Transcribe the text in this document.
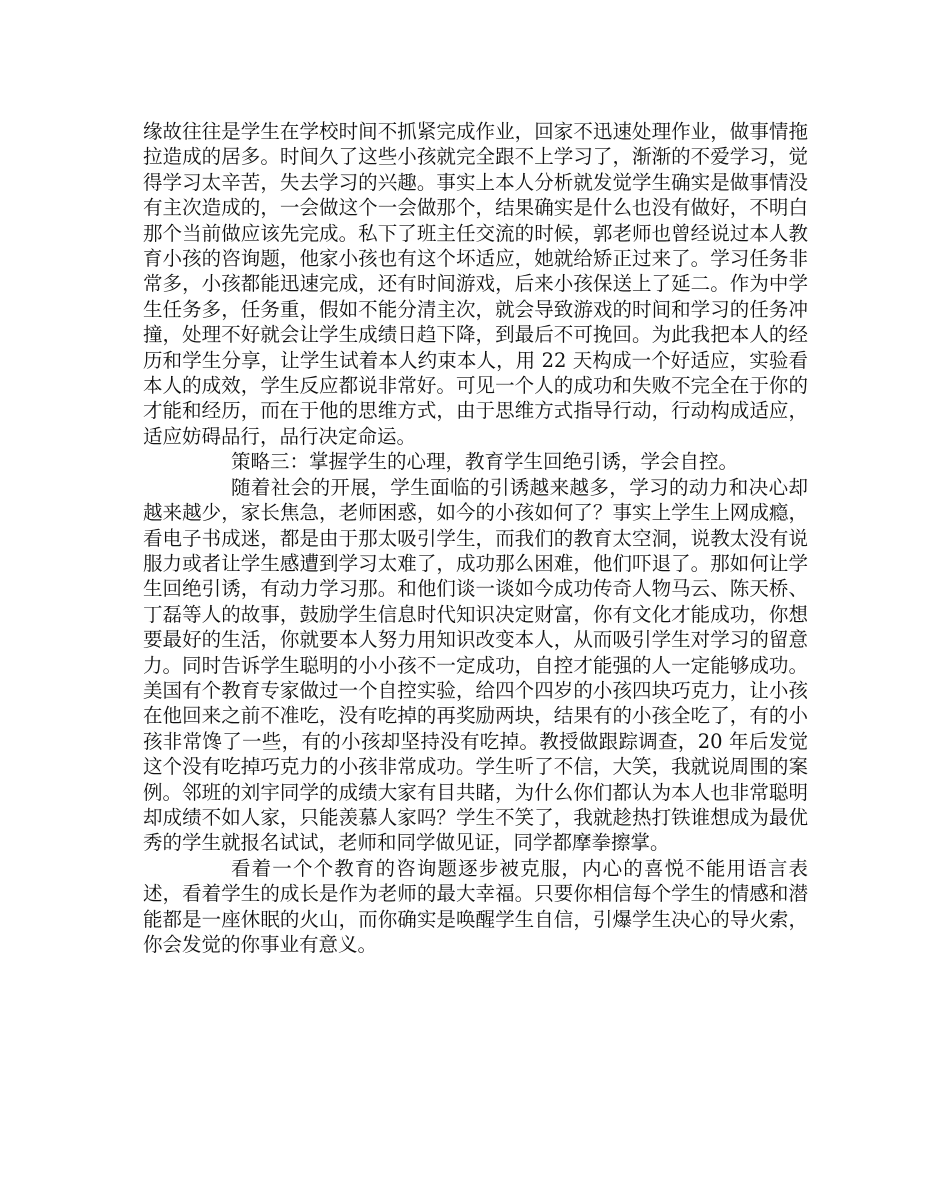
缘故往往是学生在学校时间不抓紧完成作业，回家不迅速处理作业，做事情拖拉造成的居多。时间久了这些小孩就完全跟不上学习了，渐渐的不爱学习，觉得学习太辛苦，失去学习的兴趣。事实上本人分析就发觉学生确实是做事情没有主次造成的，一会做这个一会做那个，结果确实是什么也没有做好，不明白那个当前做应该先完成。私下了班主任交流的时候，郭老师也曾经说过本人教育小孩的咨询题，他家小孩也有这个坏适应，她就给矫正过来了。学习任务非常多，小孩都能迅速完成，还有时间游戏，后来小孩保送上了延二。作为中学生任务多，任务重，假如不能分清主次，就会导致游戏的时间和学习的任务冲撞，处理不好就会让学生成绩日趋下降，到最后不可挽回。为此我把本人的经历和学生分享，让学生试着本人约束本人，用 22 天构成一个好适应，实验看本人的成效，学生反应都说非常好。可见一个人的成功和失败不完全在于你的才能和经历，而在于他的思维方式，由于思维方式指导行动，行动构成适应，适应妨碍品行，品行决定命运。

策略三：掌握学生的心理，教育学生回绝引诱，学会自控。

随着社会的开展，学生面临的引诱越来越多，学习的动力和决心却越来越少，家长焦急，老师困惑，如今的小孩如何了？事实上学生上网成瘾，看电子书成迷，都是由于那太吸引学生，而我们的教育太空洞，说教太没有说服力或者让学生感遭到学习太难了，成功那么困难，他们吓退了。那如何让学生回绝引诱，有动力学习那。和他们谈一谈如今成功传奇人物马云、陈天桥、丁磊等人的故事，鼓励学生信息时代知识决定财富，你有文化才能成功，你想要最好的生活，你就要本人努力用知识改变本人，从而吸引学生对学习的留意力。同时告诉学生聪明的小小孩不一定成功，自控才能强的人一定能够成功。美国有个教育专家做过一个自控实验，给四个四岁的小孩四块巧克力，让小孩在他回来之前不准吃，没有吃掉的再奖励两块，结果有的小孩全吃了，有的小孩非常馋了一些，有的小孩却坚持没有吃掉。教授做跟踪调查，20 年后发觉这个没有吃掉巧克力的小孩非常成功。学生听了不信，大笑，我就说周围的案例。邻班的刘宇同学的成绩大家有目共睹，为什么你们都认为本人也非常聪明却成绩不如人家，只能羡慕人家吗？学生不笑了，我就趁热打铁谁想成为最优秀的学生就报名试试，老师和同学做见证，同学都摩拳擦掌。

看着一个个教育的咨询题逐步被克服，内心的喜悦不能用语言表述，看着学生的成长是作为老师的最大幸福。只要你相信每个学生的情感和潜能都是一座休眠的火山，而你确实是唤醒学生自信，引爆学生决心的导火索，你会发觉的你事业有意义。
